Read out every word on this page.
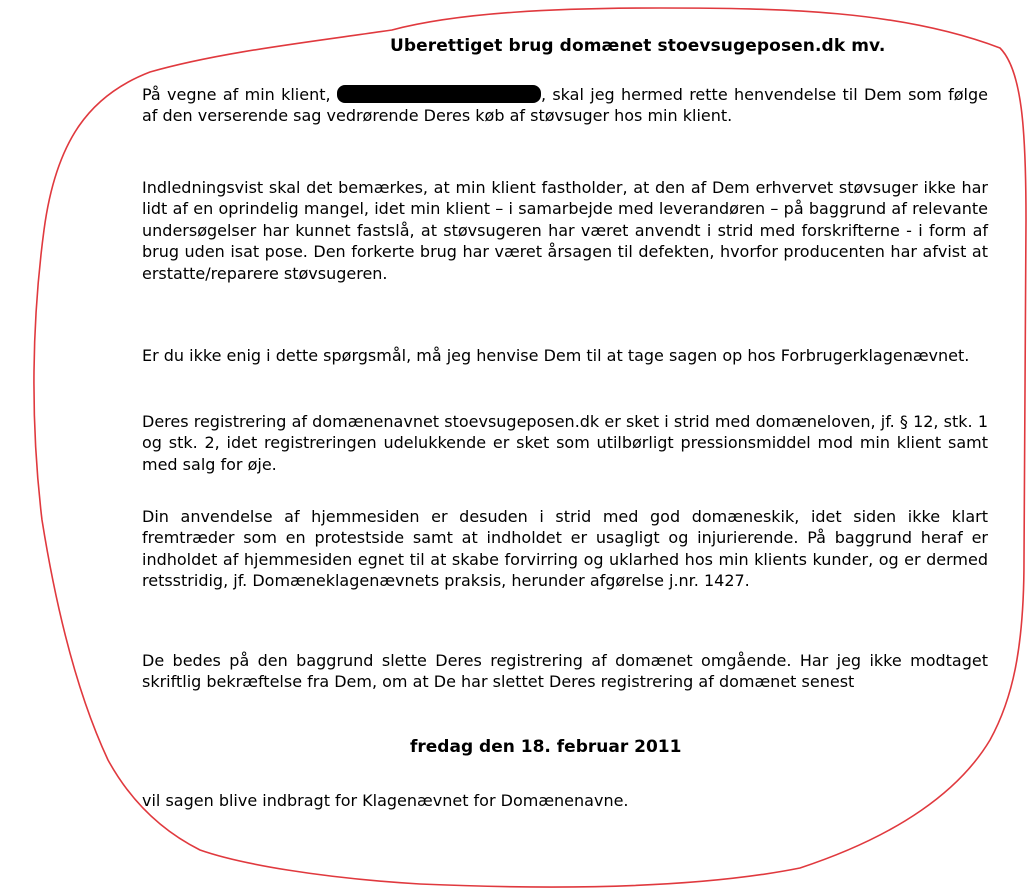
Uberettiget brug domænet stoevsugeposen.dk mv.

På vegne af min klient,	, skal jeg hermed rette henvendelse til Dem som følge af den verserende sag vedrørende Deres køb af støvsuger hos min klient.

Indledningsvist skal det bemærkes, at min klient fastholder, at den af Dem erhvervet støvsuger ikke har lidt af en oprindelig mangel, idet min klient – i samarbejde med leverandøren – på baggrund af relevante undersøgelser har kunnet fastslå, at støvsugeren har været anvendt i strid med forskrifterne - i form af brug uden isat pose. Den forkerte brug har været årsagen til defekten, hvorfor producenten har afvist at erstatte/reparere støvsugeren.

Er du ikke enig i dette spørgsmål, må jeg henvise Dem til at tage sagen op hos Forbrugerklagenævnet.

Deres registrering af domænenavnet stoevsugeposen.dk er sket i strid med domæneloven, jf. § 12, stk. 1 og stk. 2, idet registreringen udelukkende er sket som utilbørligt pressionsmiddel mod min klient samt med salg for øje.

Din anvendelse af hjemmesiden er desuden i strid med god domæneskik, idet siden ikke klart fremtræder som en protestside samt at indholdet er usagligt og injurierende. På baggrund heraf er indholdet af hjemmesiden egnet til at skabe forvirring og uklarhed hos min klients kunder, og er dermed retsstridig, jf. Domæneklagenævnets praksis, herunder afgørelse j.nr. 1427.

De bedes på den baggrund slette Deres registrering af domænet omgående. Har jeg ikke modtaget skriftlig bekræftelse fra Dem, om at De har slettet Deres registrering af domænet senest

fredag den 18. februar 2011

vil sagen blive indbragt for Klagenævnet for Domænenavne.
